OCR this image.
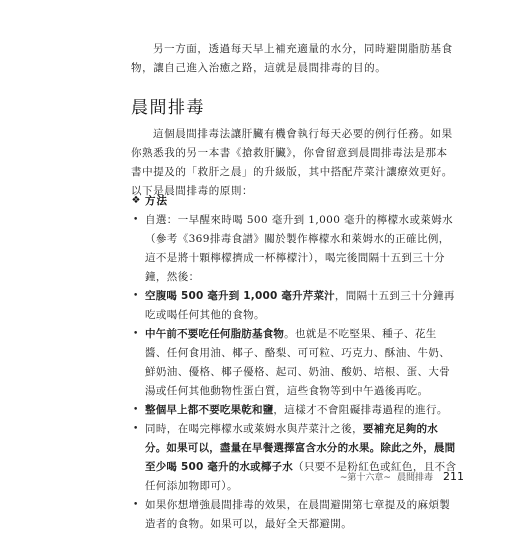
另一方面，透過每天早上補充適量的水分，同時避開脂肪基食物，讓自己進入治癒之路，這就是晨間排毒的目的。

晨間排毒

這個晨間排毒法讓肝臟有機會執行每天必要的例行任務。如果你熟悉我的另一本書《搶救肝臟》，你會留意到晨間排毒法是那本書中提及的「救肝之晨」的升級版，其中搭配芹菜汁讓療效更好。以下是晨間排毒的原則：

❖ 方法
• 自選：一早醒來時喝 500 毫升到 1,000 毫升的檸檬水或萊姆水（參考《369排毒食譜》關於製作檸檬水和萊姆水的正確比例，這不是將十顆檸檬擠成一杯檸檬汁），喝完後間隔十五到三十分鐘，然後：
• 空腹喝 500 毫升到 1,000 毫升芹菜汁，間隔十五到三十分鐘再吃或喝任何其他的食物。
• 中午前不要吃任何脂肪基食物。也就是不吃堅果、種子、花生醬、任何食用油、椰子、酪梨、可可粒、巧克力、酥油、牛奶、鮮奶油、優格、椰子優格、起司、奶油、酸奶、培根、蛋、大骨湯或任何其他動物性蛋白質，這些食物等到中午過後再吃。
• 整個早上都不要吃果乾和鹽，這樣才不會阻礙排毒過程的進行。
• 同時，在喝完檸檬水或萊姆水與芹菜汁之後，要補充足夠的水分。如果可以，盡量在早餐選擇富含水分的水果。除此之外，晨間至少喝 500 毫升的水或椰子水（只要不是粉紅色或紅色，且不含任何添加物即可）。
• 如果你想增強晨間排毒的效果，在晨間避開第七章提及的麻煩製造者的食物。如果可以，最好全天都避開。
~第十六章~ 晨間排毒 211
